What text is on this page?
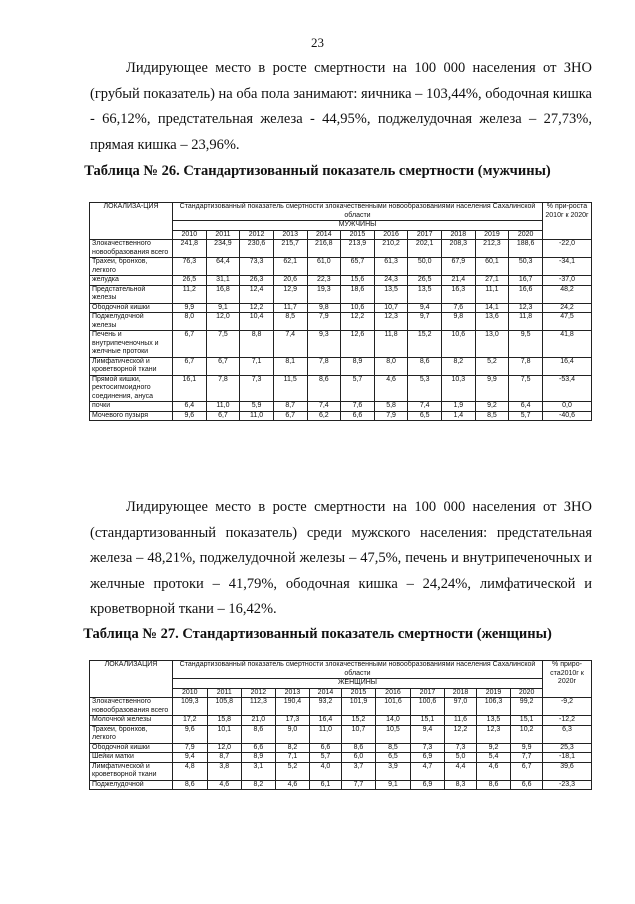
23

Лидирующее место в росте смертности на 100 000 населения от ЗНО (грубый показатель) на оба пола занимают: яичника – 103,44%, ободочная кишка - 66,12%, предстательная железа - 44,95%, поджелудочная железа – 27,73%, прямая кишка – 23,96%.

Таблица № 26. Стандартизованный показатель смертности (мужчины)
ЛОКАЛИЗА-ЦИЯ	Стандартизованный показатель смертности злокачественными новообразованиями населения Сахалинской области											% при-роста 2010г к 2020г
	МУЖЧИНЫ											
	2010	2011	2012	2013	2014	2015	2016	2017	2018	2019	2020	
Злокачественного новообразования всего	241,8	234,9	230,6	215,7	216,8	213,9	210,2	202,1	208,3	212,3	188,6	-22,0
Трахеи, бронхов, легкого	76,3	64,4	73,3	62,1	61,0	65,7	61,3	50,0	67,9	60,1	50,3	-34,1
желудка	26,5	31,1	26,3	20,6	22,3	15,6	24,3	26,5	21,4	27,1	16,7	-37,0
Предстательной железы	11,2	16,8	12,4	12,9	19,3	18,6	13,5	13,5	16,3	11,1	16,6	48,2
Ободочной кишки	9,9	9,1	12,2	11,7	9,8	10,6	10,7	9,4	7,6	14,1	12,3	24,2
Поджелудочной железы	8,0	12,0	10,4	8,5	7,9	12,2	12,3	9,7	9,8	13,6	11,8	47,5
Печень и внутрипеченочных и желчные протоки	6,7	7,5	8,8	7,4	9,3	12,6	11,8	15,2	10,6	13,0	9,5	41,8
Лимфатической и кроветворной ткани	6,7	6,7	7,1	8,1	7,8	8,9	8,0	8,6	8,2	5,2	7,8	16,4
Прямой кишки, ректосигмоидного соединения, ануса	16,1	7,8	7,3	11,5	8,6	5,7	4,6	5,3	10,3	9,9	7,5	-53,4
почки	6,4	11,0	5,9	8,7	7,4	7,6	5,8	7,4	1,9	9,2	6,4	0,0
Мочевого пузыря	9,6	6,7	11,0	6,7	6,2	6,6	7,9	6,5	1,4	8,5	5,7	-40,6

Лидирующее место в росте смертности на 100 000 населения от ЗНО (стандартизованный показатель) среди мужского населения: предстательная железа – 48,21%, поджелудочной железы – 47,5%, печень и внутрипеченочных и желчные протоки – 41,79%, ободочная кишка – 24,24%, лимфатической и кроветворной ткани – 16,42%.

Таблица № 27. Стандартизованный показатель смертности (женщины)
ЛОКАЛИЗАЦИЯ	Стандартизованный показатель смертности злокачественными новообразованиями населения Сахалинской области											% приро-ста2010г к 2020г
	ЖЕНЩИНЫ											
	2010	2011	2012	2013	2014	2015	2016	2017	2018	2019	2020	
Злокачественного новообразования всего	109,3	105,8	112,3	190,4	93,2	101,9	101,6	100,6	97,0	106,3	99,2	-9,2
Молочной железы	17,2	15,8	21,0	17,3	16,4	15,2	14,0	15,1	11,6	13,5	15,1	-12,2
Трахеи, бронхов, легкого	9,6	10,1	8,6	9,0	11,0	10,7	10,5	9,4	12,2	12,3	10,2	6,3
Ободочной кишки	7,9	12,0	6,6	8,2	6,6	8,6	8,5	7,3	7,3	9,2	9,9	25,3
Шейки матки	9,4	8,7	8,9	7,1	5,7	6,0	6,5	6,9	5,0	5,4	7,7	-18,1
Лимфатической и кроветворной ткани	4,8	3,8	3,1	5,2	4,0	3,7	3,9	4,7	4,4	4,6	6,7	39,6
Поджелудочной	8,6	4,6	8,2	4,6	6,1	7,7	9,1	6,9	8,3	8,6	6,6	-23,3
